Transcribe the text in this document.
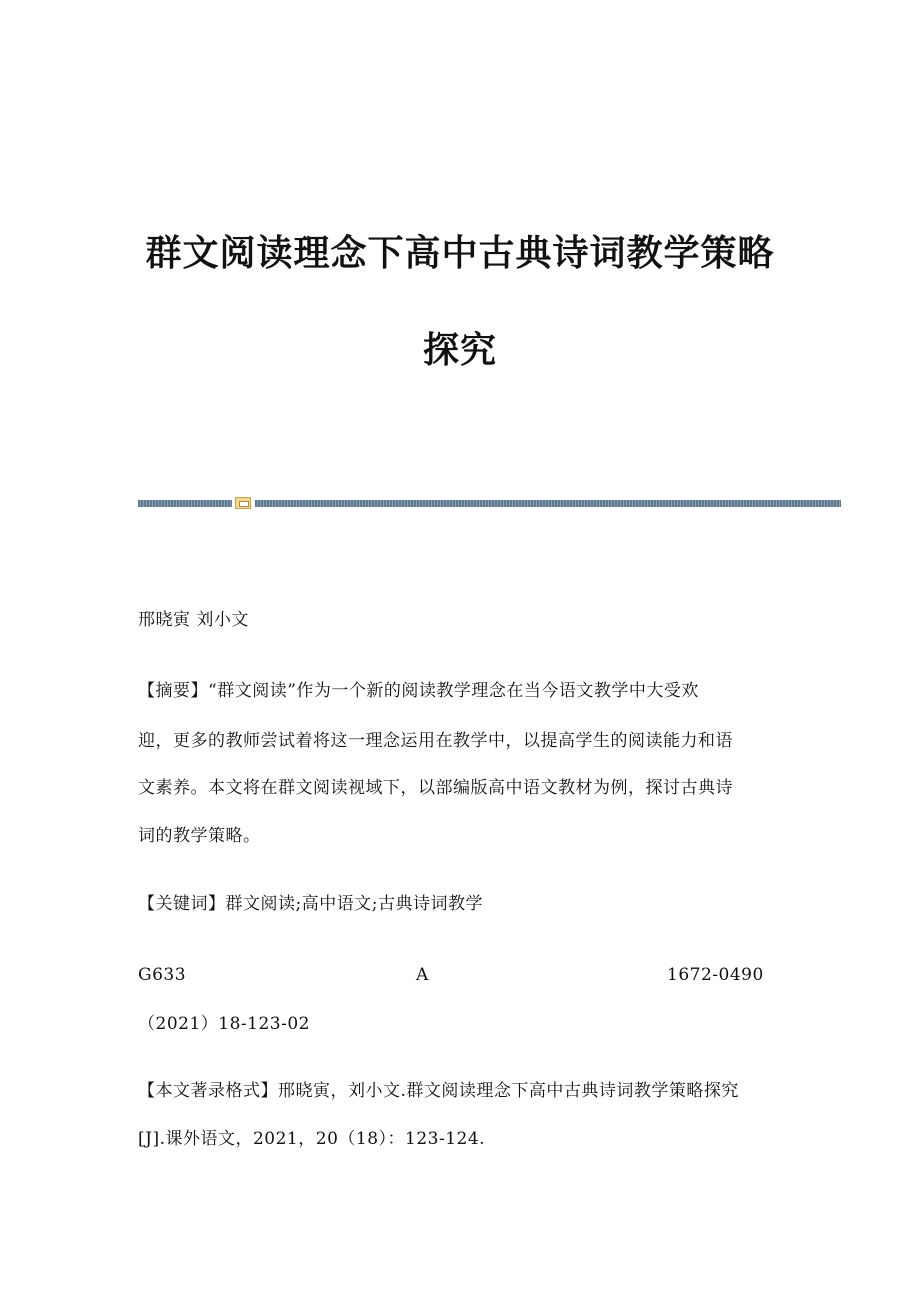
群文阅读理念下高中古典诗词教学策略
探究
邢晓寅 刘小文
【摘要】“群文阅读”作为一个新的阅读教学理念在当今语文教学中大受欢
迎，更多的教师尝试着将这一理念运用在教学中，以提高学生的阅读能力和语
文素养。本文将在群文阅读视域下，以部编版高中语文教材为例，探讨古典诗
词的教学策略。
【关键词】群文阅读;高中语文;古典诗词教学
G633	A	1672-0490
（2021）18-123-02
【本文著录格式】邢晓寅，刘小文.群文阅读理念下高中古典诗词教学策略探究
[J].课外语文，2021，20（18）：123-124.
